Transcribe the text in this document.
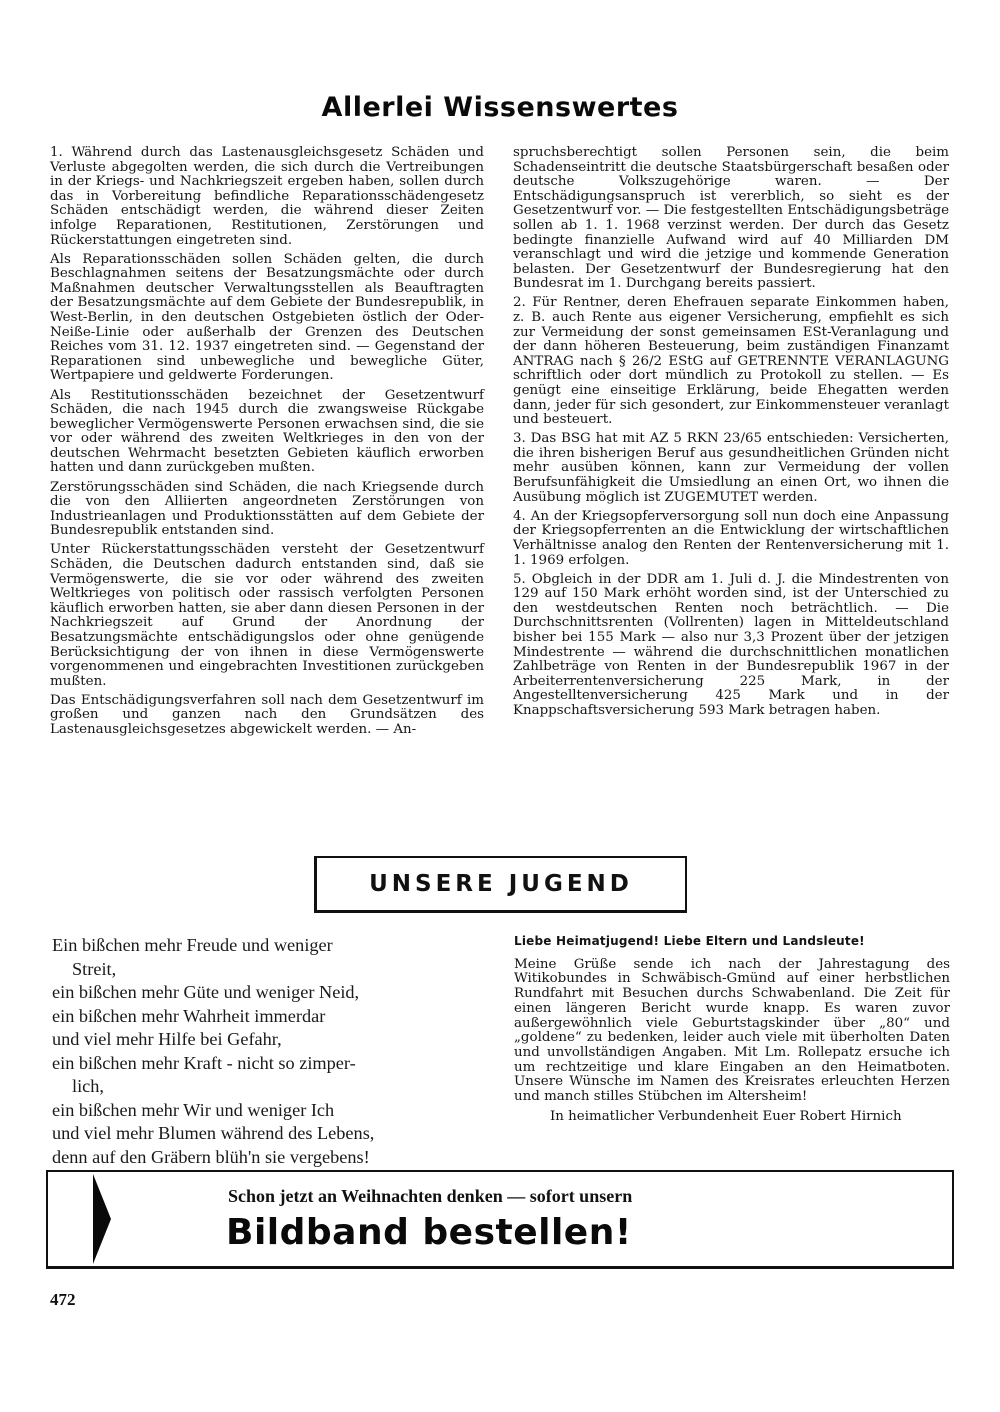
Allerlei Wissenswertes

1. Während durch das Lastenausgleichsgesetz Schäden und Verluste abgegolten werden, die sich durch die Vertreibungen in der Kriegs- und Nachkriegszeit ergeben haben, sollen durch das in Vorbereitung befindliche Reparationsschädengesetz Schäden entschädigt werden, die während dieser Zeiten infolge Reparationen, Restitutionen, Zerstörungen und Rückerstattungen eingetreten sind.

Als Reparationsschäden sollen Schäden gelten, die durch Beschlagnahmen seitens der Besatzungsmächte oder durch Maßnahmen deutscher Verwaltungsstellen als Beauftragten der Besatzungsmächte auf dem Gebiete der Bundesrepublik, in West-Berlin, in den deutschen Ostgebieten östlich der Oder-Neiße-Linie oder außerhalb der Grenzen des Deutschen Reiches vom 31. 12. 1937 eingetreten sind. — Gegenstand der Reparationen sind unbewegliche und bewegliche Güter, Wertpapiere und geldwerte Forderungen.

Als Restitutionsschäden bezeichnet der Gesetzentwurf Schäden, die nach 1945 durch die zwangsweise Rückgabe beweglicher Vermögenswerte Personen erwachsen sind, die sie vor oder während des zweiten Weltkrieges in den von der deutschen Wehrmacht besetzten Gebieten käuflich erworben hatten und dann zurückgeben mußten.

Zerstörungsschäden sind Schäden, die nach Kriegsende durch die von den Alliierten angeordneten Zerstörungen von Industrieanlagen und Produktionsstätten auf dem Gebiete der Bundesrepublik entstanden sind.

Unter Rückerstattungsschäden versteht der Gesetzentwurf Schäden, die Deutschen dadurch entstanden sind, daß sie Vermögenswerte, die sie vor oder während des zweiten Weltkrieges von politisch oder rassisch verfolgten Personen käuflich erworben hatten, sie aber dann diesen Personen in der Nachkriegszeit auf Grund der Anordnung der Besatzungsmächte entschädigungslos oder ohne genügende Berücksichtigung der von ihnen in diese Vermögenswerte vorgenommenen und eingebrachten Investitionen zurückgeben mußten.

Das Entschädigungsverfahren soll nach dem Gesetzentwurf im großen und ganzen nach den Grundsätzen des Lastenausgleichsgesetzes abgewickelt werden. — An-

spruchsberechtigt sollen Personen sein, die beim Schadenseintritt die deutsche Staatsbürgerschaft besaßen oder deutsche Volkszugehörige waren. — Der Entschädigungsanspruch ist vererblich, so sieht es der Gesetzentwurf vor. — Die festgestellten Entschädigungsbeträge sollen ab 1. 1. 1968 verzinst werden. Der durch das Gesetz bedingte finanzielle Aufwand wird auf 40 Milliarden DM veranschlagt und wird die jetzige und kommende Generation belasten. Der Gesetzentwurf der Bundesregierung hat den Bundesrat im 1. Durchgang bereits passiert.

2. Für Rentner, deren Ehefrauen separate Einkommen haben, z. B. auch Rente aus eigener Versicherung, empfiehlt es sich zur Vermeidung der sonst gemeinsamen ESt-Veranlagung und der dann höheren Besteuerung, beim zuständigen Finanzamt ANTRAG nach § 26/2 EStG auf GETRENNTE VERANLAGUNG schriftlich oder dort mündlich zu Protokoll zu stellen. — Es genügt eine einseitige Erklärung, beide Ehegatten werden dann, jeder für sich gesondert, zur Einkommensteuer veranlagt und besteuert.

3. Das BSG hat mit AZ 5 RKN 23/65 entschieden: Versicherten, die ihren bisherigen Beruf aus gesundheitlichen Gründen nicht mehr ausüben können, kann zur Vermeidung der vollen Berufsunfähigkeit die Umsiedlung an einen Ort, wo ihnen die Ausübung möglich ist ZUGEMUTET werden.

4. An der Kriegsopferversorgung soll nun doch eine Anpassung der Kriegsopferrenten an die Entwicklung der wirtschaftlichen Verhältnisse analog den Renten der Rentenversicherung mit 1. 1. 1969 erfolgen.

5. Obgleich in der DDR am 1. Juli d. J. die Mindestrenten von 129 auf 150 Mark erhöht worden sind, ist der Unterschied zu den westdeutschen Renten noch beträchtlich. — Die Durchschnittsrenten (Vollrenten) lagen in Mitteldeutschland bisher bei 155 Mark — also nur 3,3 Prozent über der jetzigen Mindestrente — während die durchschnittlichen monatlichen Zahlbeträge von Renten in der Bundesrepublik 1967 in der Arbeiterrentenversicherung 225 Mark, in der Angestelltenversicherung 425 Mark und in der Knappschaftsversicherung 593 Mark betragen haben.

UNSERE JUGEND
Ein bißchen mehr Freude und weniger
Streit,
ein bißchen mehr Güte und weniger Neid,
ein bißchen mehr Wahrheit immerdar
und viel mehr Hilfe bei Gefahr,
ein bißchen mehr Kraft - nicht so zimper-
lich,
ein bißchen mehr Wir und weniger Ich
und viel mehr Blumen während des Lebens,
denn auf den Gräbern blüh'n sie vergebens!
Liebe Heimatjugend! Liebe Eltern und Landsleute!
Meine Grüße sende ich nach der Jahrestagung des Witikobundes in Schwäbisch-Gmünd auf einer herbstlichen Rundfahrt mit Besuchen durchs Schwabenland. Die Zeit für einen längeren Bericht wurde knapp. Es waren zuvor außergewöhnlich viele Geburtstagskinder über „80“ und „goldene“ zu bedenken, leider auch viele mit überholten Daten und unvollständigen Angaben. Mit Lm. Rollepatz ersuche ich um rechtzeitige und klare Eingaben an den Heimatboten. Unsere Wünsche im Namen des Kreisrates erleuchten Herzen und manch stilles Stübchen im Altersheim!
In heimatlicher Verbundenheit Euer Robert Hirnich
Schon jetzt an Weihnachten denken — sofort unsern
Bildband bestellen!
472
